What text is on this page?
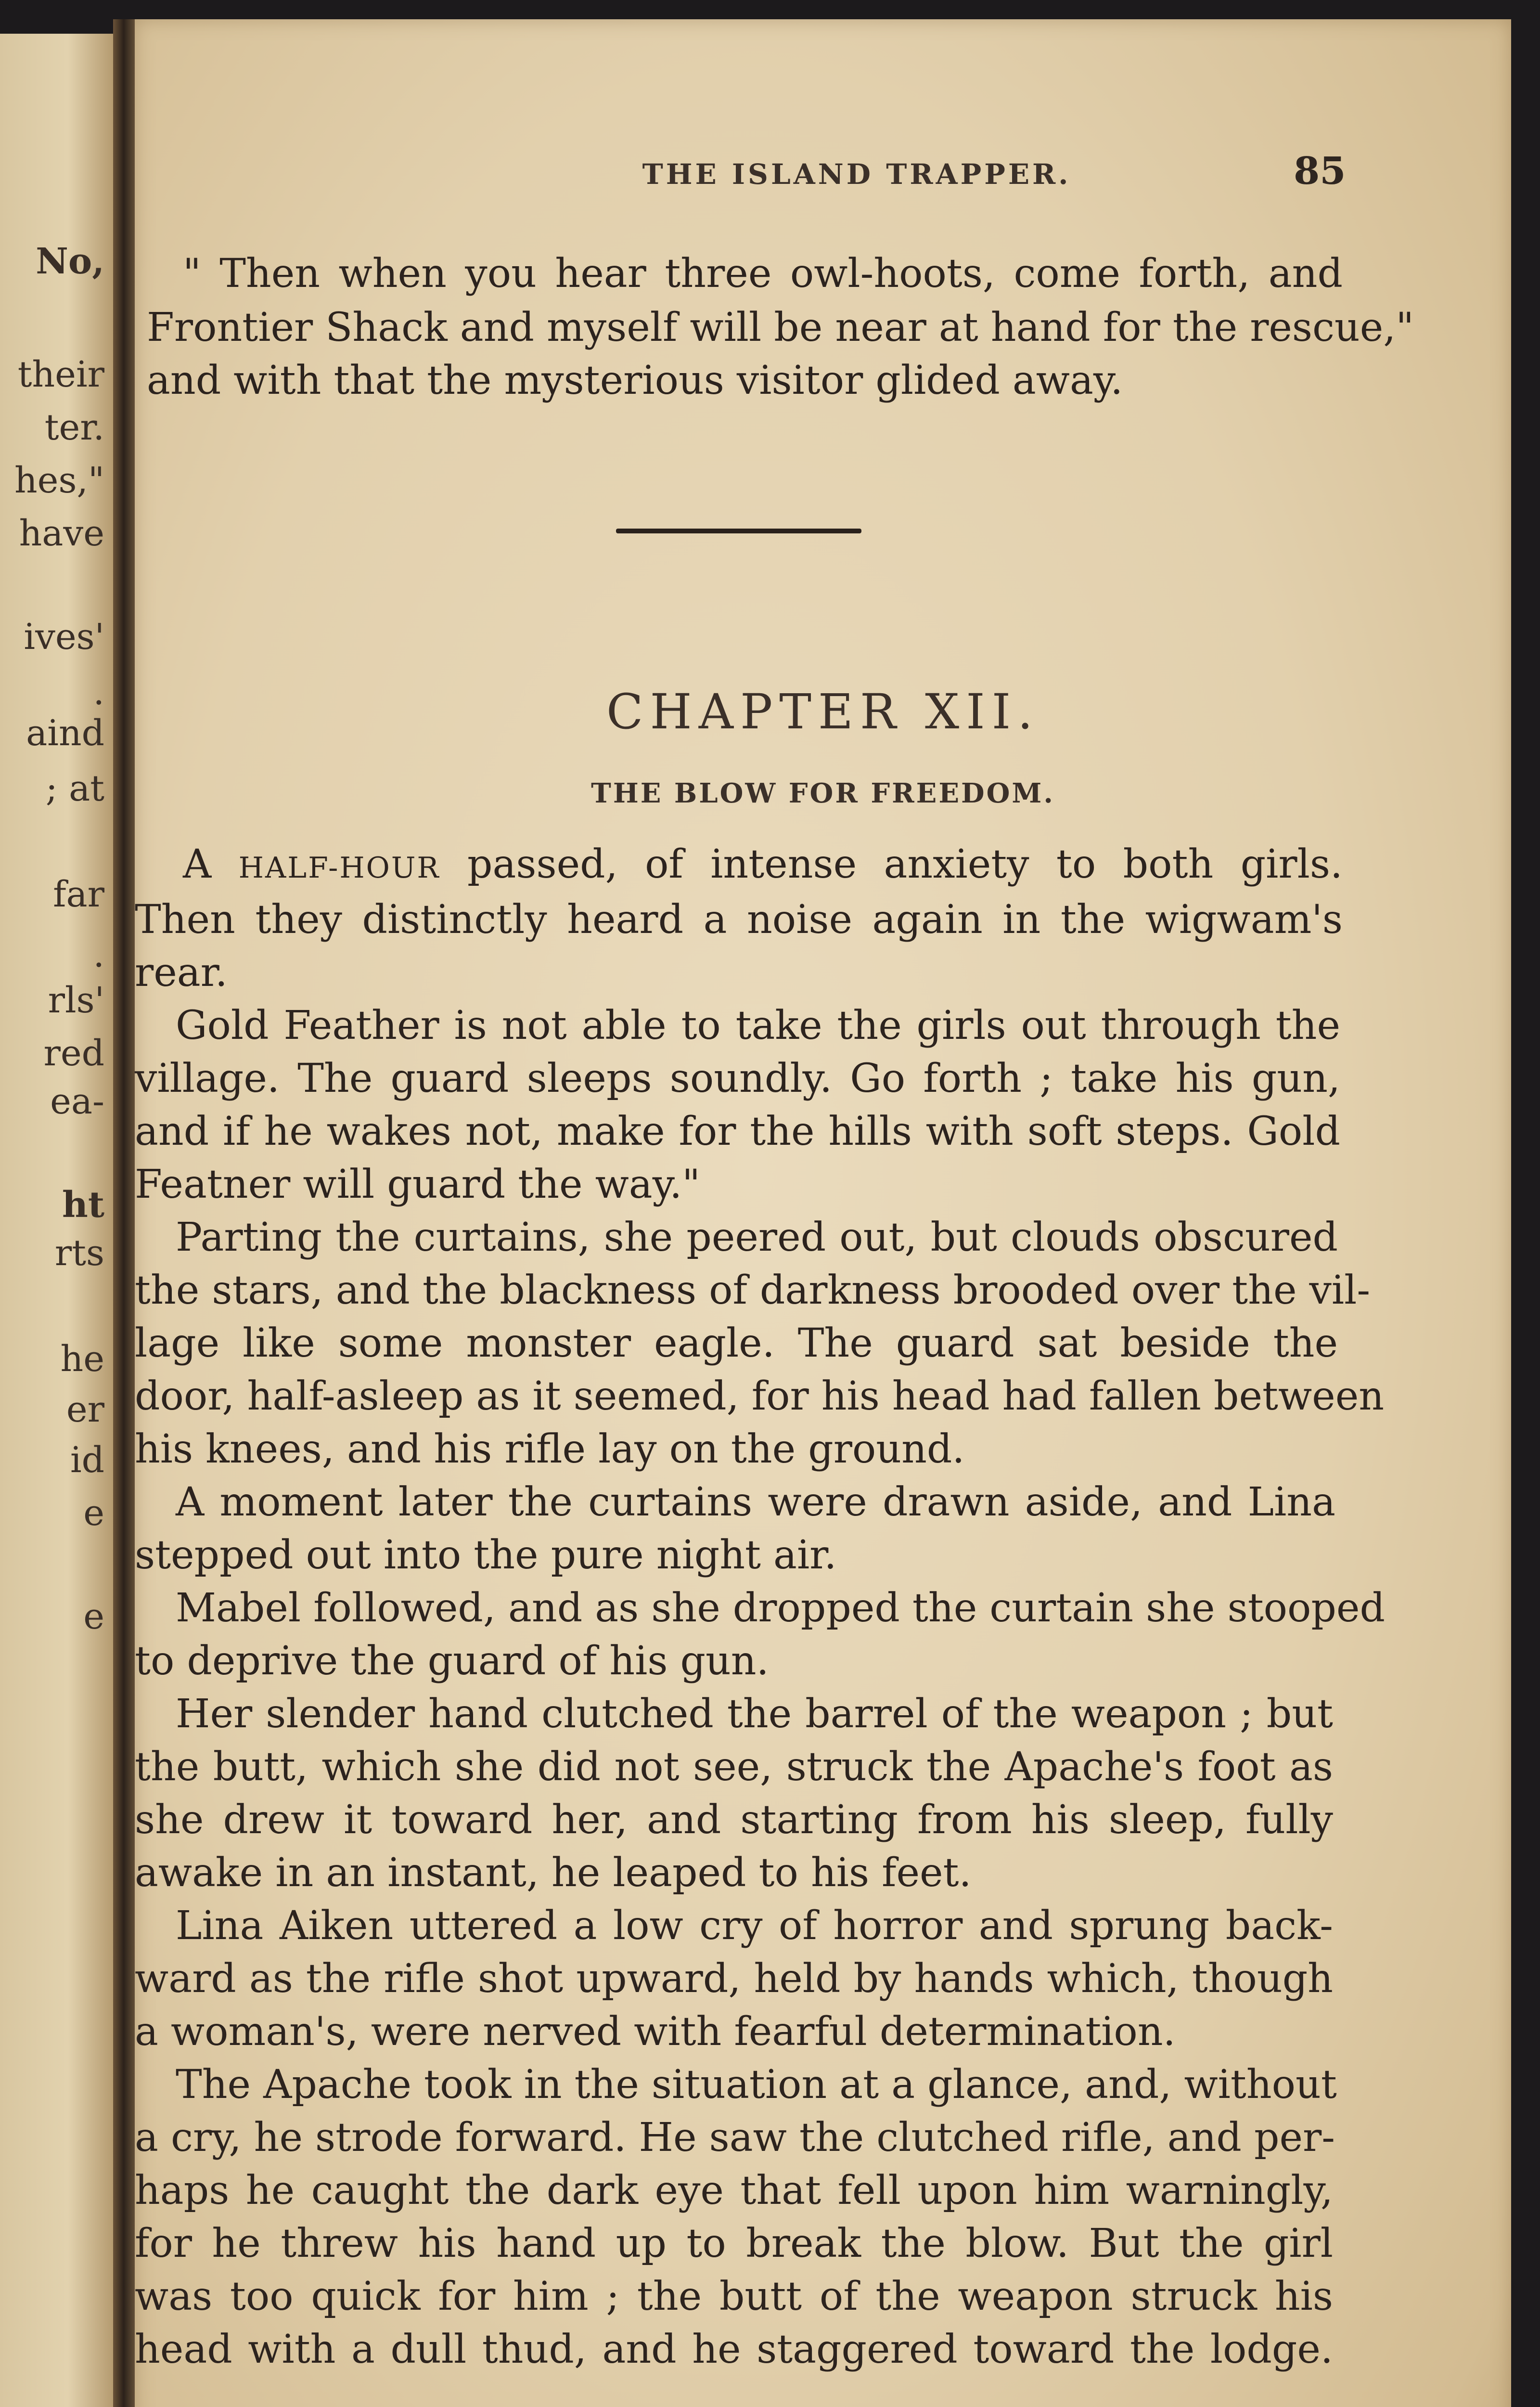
No,
their
ter.
hes,"
have
ives'
.
aind
; at
far
.
rls'
red
ea-
ht
rts
he
er
id
e
e
THE ISLAND TRAPPER.	85
" Then when you hear three owl-hoots, come forth, and
Frontier Shack and myself will be near at hand for the rescue,"
and with that the mysterious visitor glided away.
CHAPTER XII.
THE BLOW FOR FREEDOM.
A HALF-HOUR passed, of intense anxiety to both girls.
Then they distinctly heard a noise again in the wigwam's
rear.
Gold Feather is not able to take the girls out through the
village. The guard sleeps soundly. Go forth ; take his gun,
and if he wakes not, make for the hills with soft steps. Gold
Featner will guard the way."
Parting the curtains, she peered out, but clouds obscured
the stars, and the blackness of darkness brooded over the vil-
lage like some monster eagle. The guard sat beside the
door, half-asleep as it seemed, for his head had fallen between
his knees, and his rifle lay on the ground.
A moment later the curtains were drawn aside, and Lina
stepped out into the pure night air.
Mabel followed, and as she dropped the curtain she stooped
to deprive the guard of his gun.
Her slender hand clutched the barrel of the weapon ; but
the butt, which she did not see, struck the Apache's foot as
she drew it toward her, and starting from his sleep, fully
awake in an instant, he leaped to his feet.
Lina Aiken uttered a low cry of horror and sprung back-
ward as the rifle shot upward, held by hands which, though
a woman's, were nerved with fearful determination.
The Apache took in the situation at a glance, and, without
a cry, he strode forward. He saw the clutched rifle, and per-
haps he caught the dark eye that fell upon him warningly,
for he threw his hand up to break the blow. But the girl
was too quick for him ; the butt of the weapon struck his
head with a dull thud, and he staggered toward the lodge.
